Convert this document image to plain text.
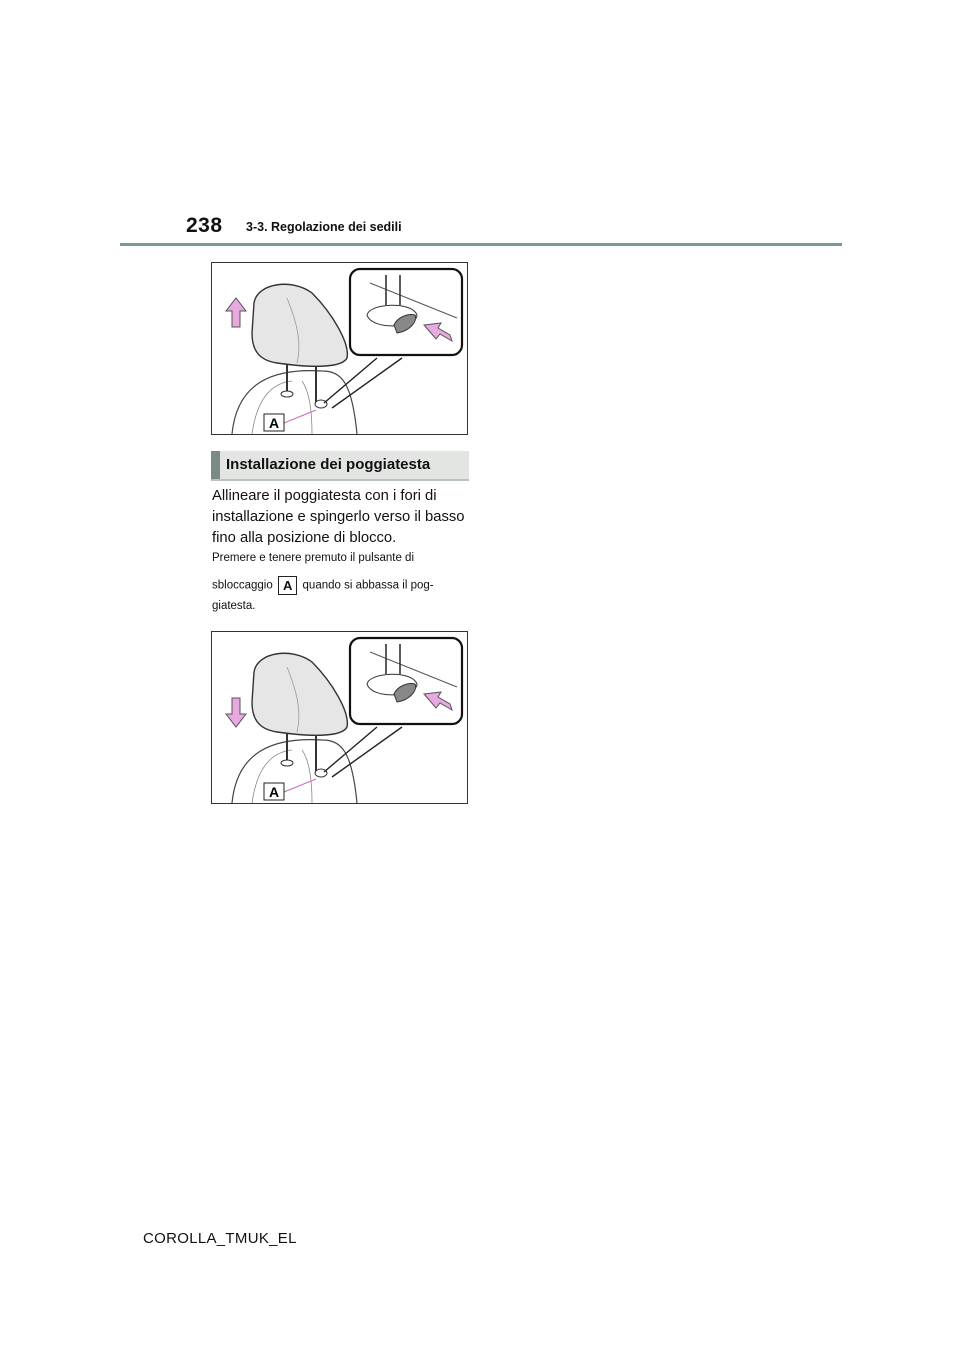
238 3-3. Regolazione dei sedili
A
Installazione dei poggiatesta
Allineare il poggiatesta con i fori di installazione e spingerlo verso il basso fino alla posizione di blocco.
Premere e tenere premuto il pulsante di
sbloccaggio A quando si abbassa il pog-
giatesta.
A
COROLLA_TMUK_EL
